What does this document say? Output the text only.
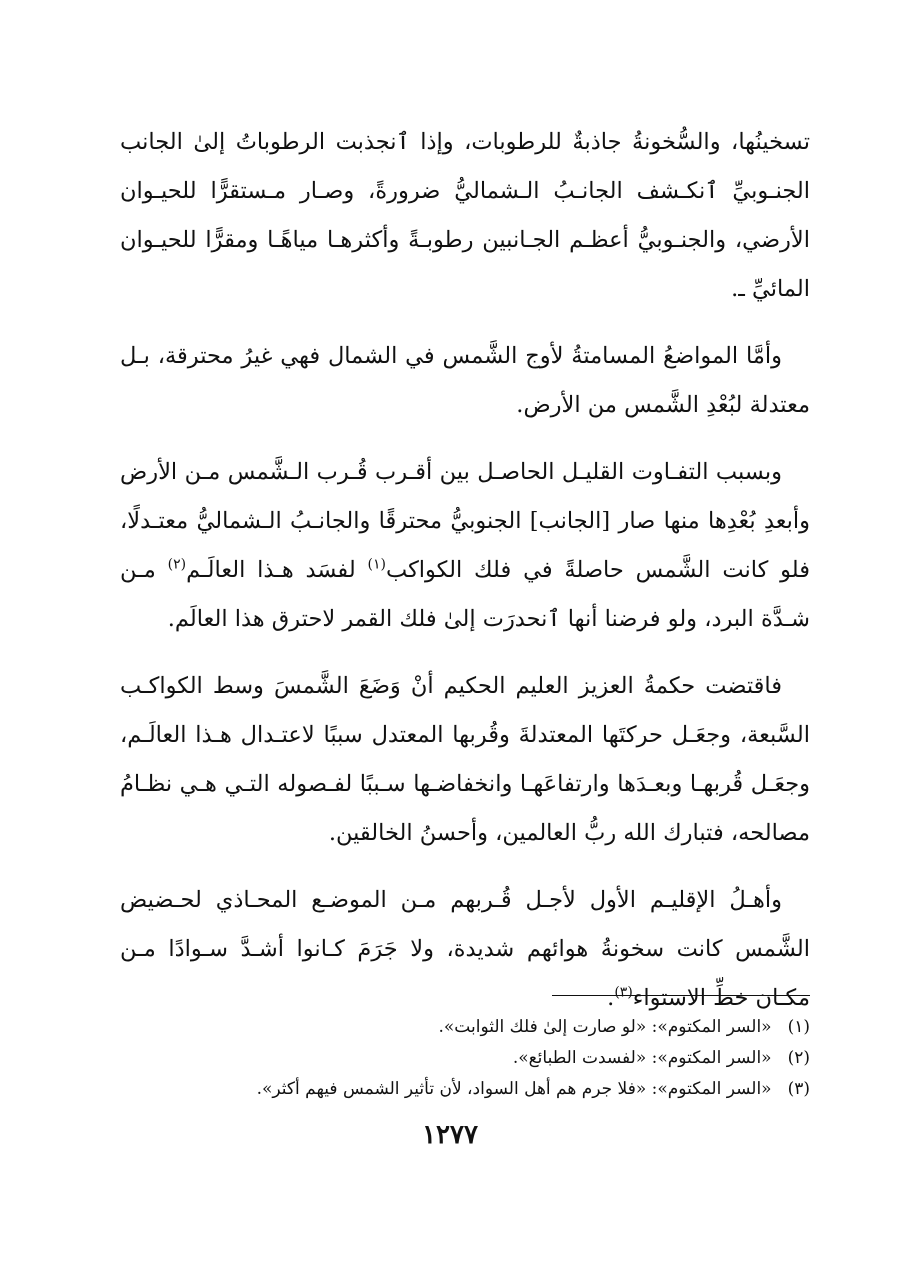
تسخينُها، والسُّخونةُ جاذبةٌ للرطوبات، وإذا ٱنجذبت الرطوباتُ إلىٰ الجانب الجنـوبيِّ ٱنكـشف الجانـبُ الـشماليُّ ضرورةً، وصـار مـستقرًّا للحيـوان الأرضي، والجنـوبيُّ أعظـم الجـانبين رطوبـةً وأكثرهـا مياهًـا ومقرًّا للحيـوان المائيِّ ـ.

وأمَّا المواضعُ المسامتةُ لأوج الشَّمس في الشمال فهي غيرُ محترقة، بـل معتدلة لبُعْدِ الشَّمس من الأرض.

وبسبب التفـاوت القليـل الحاصـل بين أقـرب قُـرب الـشَّمس مـن الأرض وأبعدِ بُعْدِها منها صار [الجانب] الجنوبيُّ محترقًا والجانـبُ الـشماليُّ معتـدلًا، فلو كانت الشَّمس حاصلةً في فلك الكواكب$^{(١)}$ لفسَد هـذا العالَـم$^{(٢)}$ مـن شـدَّة البرد، ولو فرضنا أنها ٱنحدرَت إلىٰ فلك القمر لاحترق هذا العالَم.

فاقتضت حكمةُ العزيز العليم الحكيم أنْ وَضَعَ الشَّمسَ وسط الكواكـب السَّبعة، وجعَـل حركتَها المعتدلةَ وقُربها المعتدل سببًا لاعتـدال هـذا العالَـم، وجعَـل قُربهـا وبعـدَها وارتفاعَهـا وانخفاضـها سـببًا لفـصوله التـي هـي نظـامُ مصالحه، فتبارك الله ربُّ العالمين، وأحسنُ الخالقين.

وأهـلُ الإقليـم الأول لأجـل قُـربهم مـن الموضـع المحـاذي لحـضيض الشَّمس كانت سخونةُ هوائهم شديدة، ولا جَرَمَ كـانوا أشـدَّ سـوادًا مـن مكـان خطِّ الاستواء$^{(٣)}$.

(١)«السر المكتوم»: «لو صارت إلىٰ فلك الثوابت».
(٢)«السر المكتوم»: «لفسدت الطبائع».
(٣)«السر المكتوم»: «فلا جرم هم أهل السواد، لأن تأثير الشمس فيهم أكثر».
١٢٧٧
